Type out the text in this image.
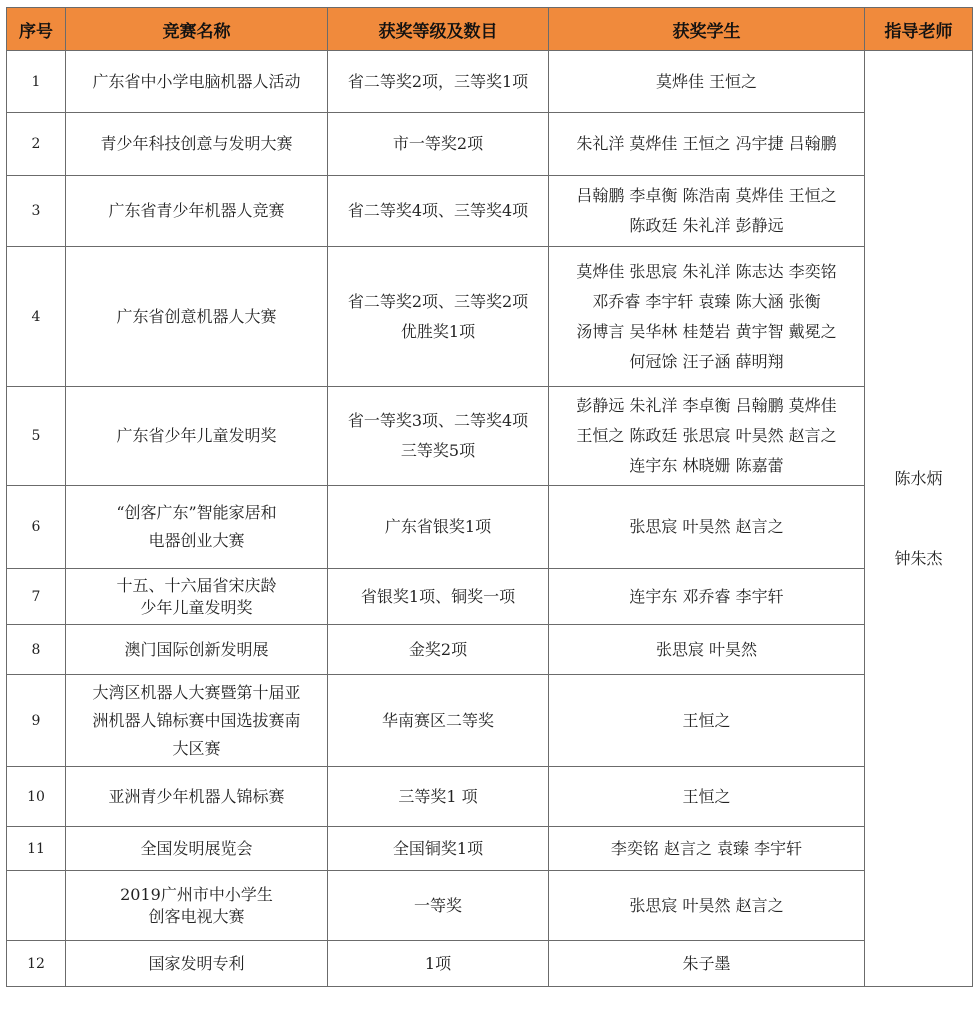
序号	竞赛名称	获奖等级及数目	获奖学生	指导老师
1	广东省中小学电脑机器人活动	省二等奖2项，三等奖1项	莫烨佳 王恒之	陈水炳

钟朱杰

2	青少年科技创意与发明大赛	市一等奖2项	朱礼洋 莫烨佳 王恒之 冯宇捷 吕翰鹏	
3	广东省青少年机器人竞赛	省二等奖4项、三等奖4项	吕翰鹏 李卓衡 陈浩南 莫烨佳 王恒之
陈政廷 朱礼洋 彭静远	
4	广东省创意机器人大赛	省二等奖2项、三等奖2项
优胜奖1项	莫烨佳 张思宸 朱礼洋 陈志达 李奕铭
邓乔睿 李宇轩 袁臻 陈大涵 张衡
汤博言 吴华林 桂楚岩 黄宇智 戴冕之
何冠馀 汪子涵 薛明翔	
5	广东省少年儿童发明奖	省一等奖3项、二等奖4项
三等奖5项	彭静远 朱礼洋 李卓衡 吕翰鹏 莫烨佳
王恒之 陈政廷 张思宸 叶昊然 赵言之
连宇东 林晓姗 陈嘉蕾	
6	“创客广东”智能家居和
电器创业大赛	广东省银奖1项	张思宸 叶昊然 赵言之	
7	十五、十六届省宋庆龄
少年儿童发明奖	省银奖1项、铜奖一项	连宇东 邓乔睿 李宇轩	
8	澳门国际创新发明展	金奖2项	张思宸 叶昊然	
9	大湾区机器人大赛暨第十届亚
洲机器人锦标赛中国选拔赛南
大区赛	华南赛区二等奖	王恒之	
10	亚洲青少年机器人锦标赛	三等奖1 项	王恒之	
11	全国发明展览会	全国铜奖1项	李奕铭 赵言之 袁臻 李宇轩	
	2019广州市中小学生
创客电视大赛	一等奖	张思宸 叶昊然 赵言之	
12	国家发明专利	1项	朱子墨	
